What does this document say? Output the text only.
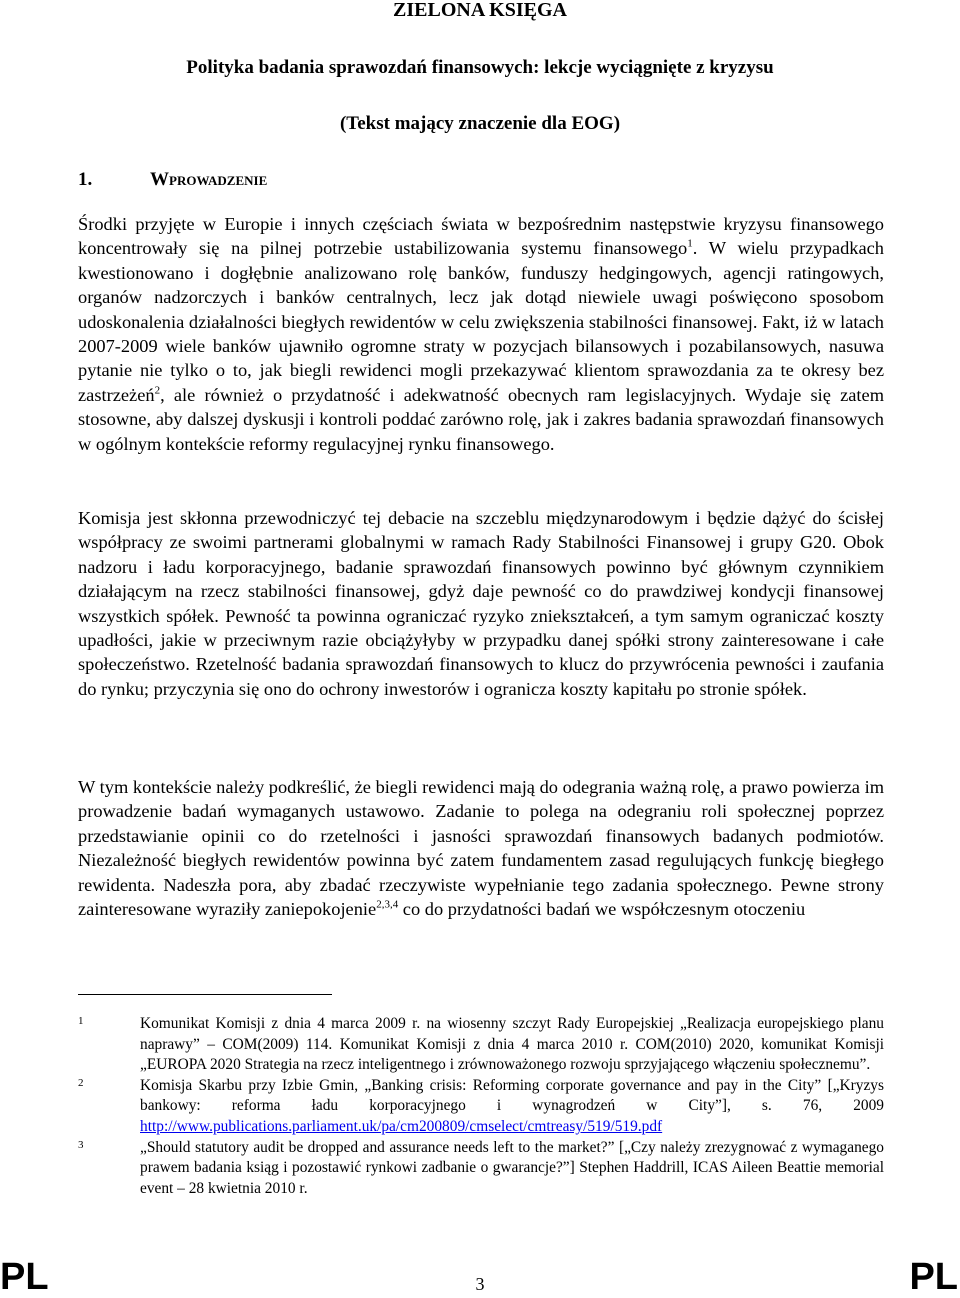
ZIELONA KSIĘGA
Polityka badania sprawozdań finansowych: lekcje wyciągnięte z kryzysu
(Tekst mający znaczenie dla EOG)
1.	Wprowadzenie

Środki przyjęte w Europie i innych częściach świata w bezpośrednim następstwie kryzysu finansowego koncentrowały się na pilnej potrzebie ustabilizowania systemu finansowego$^1$. W wielu przypadkach kwestionowano i dogłębnie analizowano rolę banków, funduszy hedgingowych, agencji ratingowych, organów nadzorczych i banków centralnych, lecz jak dotąd niewiele uwagi poświęcono sposobom udoskonalenia działalności biegłych rewidentów w celu zwiększenia stabilności finansowej. Fakt, iż w latach 2007-2009 wiele banków ujawniło ogromne straty w pozycjach bilansowych i pozabilansowych, nasuwa pytanie nie tylko o to, jak biegli rewidenci mogli przekazywać klientom sprawozdania za te okresy bez zastrzeżeń$^2$, ale również o przydatność i adekwatność obecnych ram legislacyjnych. Wydaje się zatem stosowne, aby dalszej dyskusji i kontroli poddać zarówno rolę, jak i zakres badania sprawozdań finansowych w ogólnym kontekście reformy regulacyjnej rynku finansowego.

Komisja jest skłonna przewodniczyć tej debacie na szczeblu międzynarodowym i będzie dążyć do ścisłej współpracy ze swoimi partnerami globalnymi w ramach Rady Stabilności Finansowej i grupy G20. Obok nadzoru i ładu korporacyjnego, badanie sprawozdań finansowych powinno być głównym czynnikiem działającym na rzecz stabilności finansowej, gdyż daje pewność co do prawdziwej kondycji finansowej wszystkich spółek. Pewność ta powinna ograniczać ryzyko zniekształceń, a tym samym ograniczać koszty upadłości, jakie w przeciwnym razie obciążyłyby w przypadku danej spółki strony zainteresowane i całe społeczeństwo. Rzetelność badania sprawozdań finansowych to klucz do przywrócenia pewności i zaufania do rynku; przyczynia się ono do ochrony inwestorów i ogranicza koszty kapitału po stronie spółek.

W tym kontekście należy podkreślić, że biegli rewidenci mają do odegrania ważną rolę, a prawo powierza im prowadzenie badań wymaganych ustawowo. Zadanie to polega na odegraniu roli społecznej poprzez przedstawianie opinii co do rzetelności i jasności sprawozdań finansowych badanych podmiotów. Niezależność biegłych rewidentów powinna być zatem fundamentem zasad regulujących funkcję biegłego rewidenta. Nadeszła pora, aby zbadać rzeczywiste wypełnianie tego zadania społecznego. Pewne strony zainteresowane wyraziły zaniepokojenie$^{2,3,4}$ co do przydatności badań we współczesnym otoczeniu

1	Komunikat Komisji z dnia 4 marca 2009 r. na wiosenny szczyt Rady Europejskiej „Realizacja europejskiego planu naprawy” – COM(2009) 114. Komunikat Komisji z dnia 4 marca 2010 r. COM(2010) 2020, komunikat Komisji „EUROPA 2020 Strategia na rzecz inteligentnego i zrównoważonego rozwoju sprzyjającego włączeniu społecznemu”.
2	Komisja Skarbu przy Izbie Gmin, „Banking crisis: Reforming corporate governance and pay in the City” [„Kryzys bankowy: reforma ładu korporacyjnego i wynagrodzeń w City”], s. 76, 2009 http://www.publications.parliament.uk/pa/cm200809/cmselect/cmtreasy/519/519.pdf
3	„Should statutory audit be dropped and assurance needs left to the market?” [„Czy należy zrezygnować z wymaganego prawem badania ksiąg i pozostawić rynkowi zadbanie o gwarancje?”] Stephen Haddrill, ICAS Aileen Beattie memorial event – 28 kwietnia 2010 r.
PL	3	PL
